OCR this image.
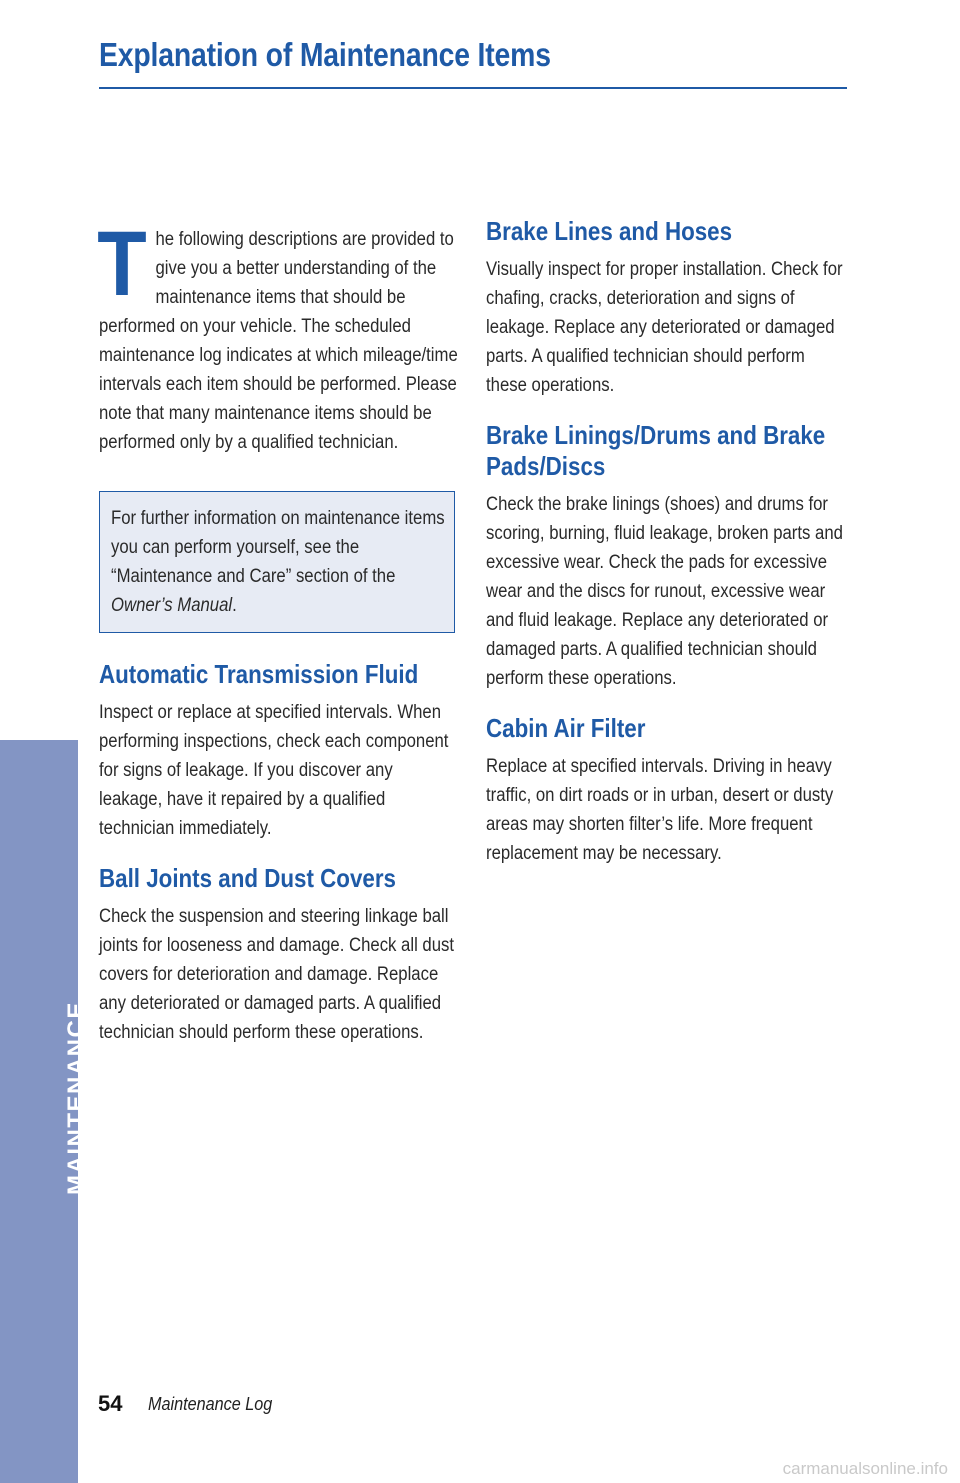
Explanation of Maintenance Items
MAINTENANCE
The following descriptions are provided to give you a better understanding of the maintenance items that should be performed on your vehicle. The scheduled maintenance log indicates at which mileage/time intervals each item should be performed. Please note that many maintenance items should be performed only by a qualified technician.
For further information on maintenance items you can perform yourself, see the “Maintenance and Care” section of the Owner’s Manual.
Automatic Transmission Fluid

Inspect or replace at specified intervals. When performing inspections, check each component for signs of leakage. If you discover any leakage, have it repaired by a qualified technician immediately.

Ball Joints and Dust Covers

Check the suspension and steering linkage ball joints for looseness and damage. Check all dust covers for deterioration and damage. Replace any deteriorated or damaged parts. A qualified technician should perform these operations.

Brake Lines and Hoses

Visually inspect for proper installation. Check for chafing, cracks, deterioration and signs of leakage. Replace any deteriorated or damaged parts. A qualified technician should perform these operations.

Brake Linings/Drums and Brake Pads/Discs

Check the brake linings (shoes) and drums for scoring, burning, fluid leakage, broken parts and excessive wear. Check the pads for excessive wear and the discs for runout, excessive wear and fluid leakage. Replace any deteriorated or damaged parts. A qualified technician should perform these operations.

Cabin Air Filter

Replace at specified intervals. Driving in heavy traffic, on dirt roads or in urban, desert or dusty areas may shorten filter’s life. More frequent replacement may be necessary.

54 Maintenance Log
carmanualsonline.info
